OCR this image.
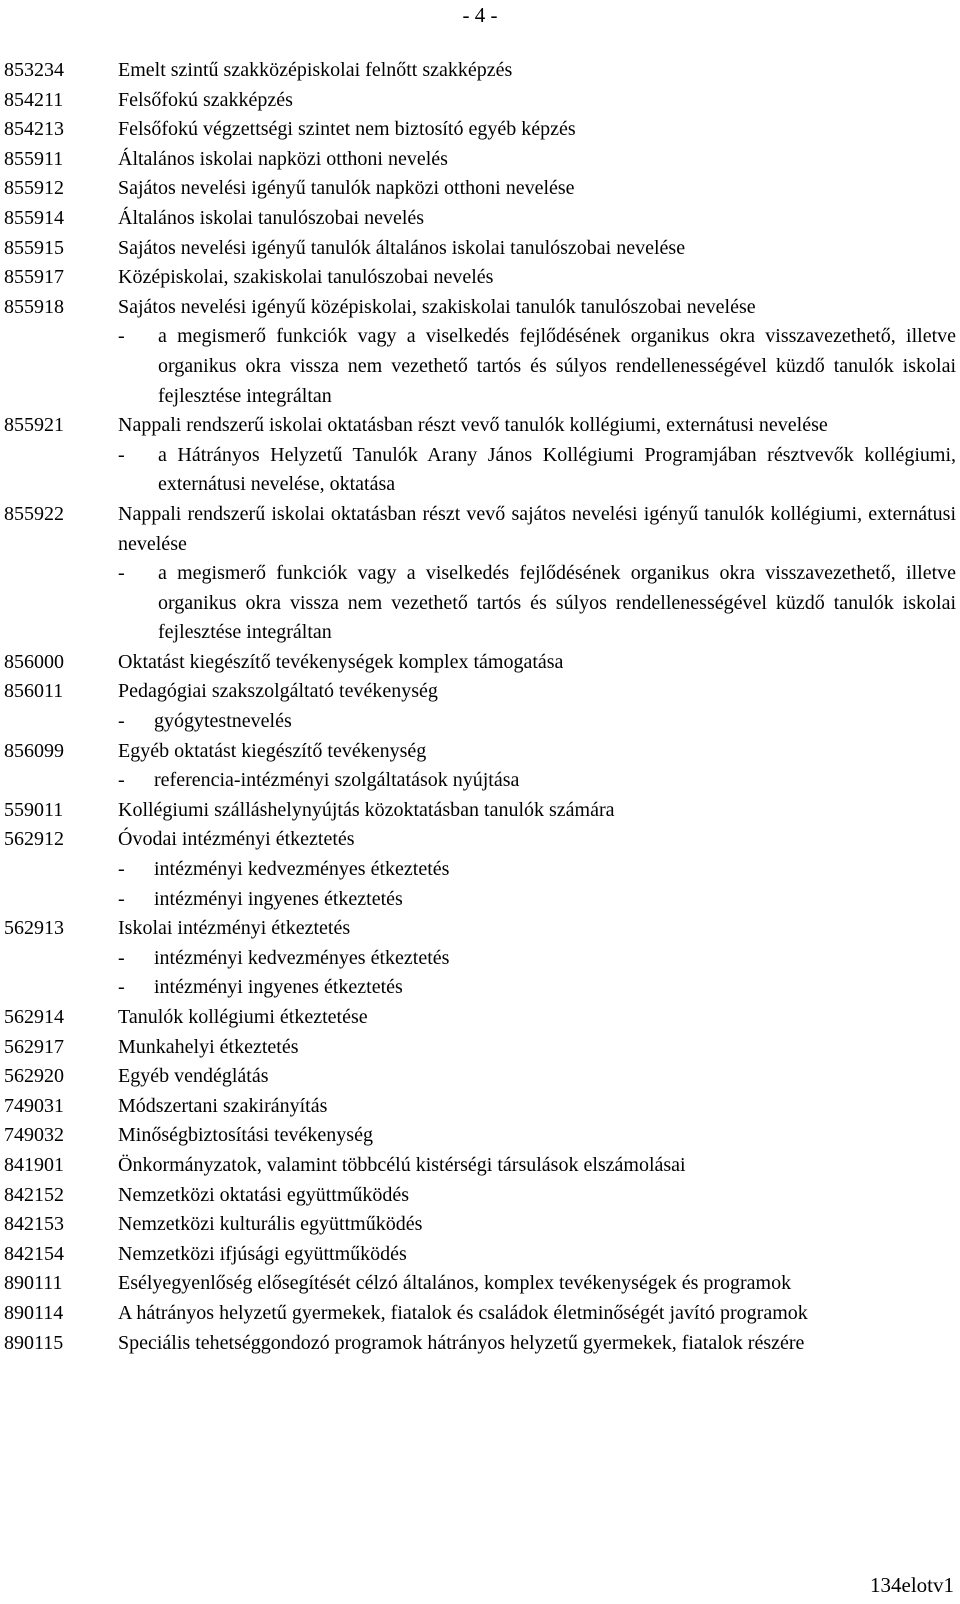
- 4 -
853234	Emelt szintű szakközépiskolai felnőtt szakképzés
854211	Felsőfokú szakképzés
854213	Felsőfokú végzettségi szintet nem biztosító egyéb képzés
855911	Általános iskolai napközi otthoni nevelés
855912	Sajátos nevelési igényű tanulók napközi otthoni nevelése
855914	Általános iskolai tanulószobai nevelés
855915	Sajátos nevelési igényű tanulók általános iskolai tanulószobai nevelése
855917	Középiskolai, szakiskolai tanulószobai nevelés
855918	Sajátos nevelési igényű középiskolai, szakiskolai tanulók tanulószobai nevelése
-	a megismerő funkciók vagy a viselkedés fejlődésének organikus okra visszavezethető, illetve organikus okra vissza nem vezethető tartós és súlyos rendellenességével küzdő tanulók iskolai fejlesztése integráltan
855921	Nappali rendszerű iskolai oktatásban részt vevő tanulók kollégiumi, externátusi nevelése
-	a Hátrányos Helyzetű Tanulók Arany János Kollégiumi Programjában résztvevők kollégiumi, externátusi nevelése, oktatása
855922	Nappali rendszerű iskolai oktatásban részt vevő sajátos nevelési igényű tanulók kollégiumi, externátusi nevelése
-	a megismerő funkciók vagy a viselkedés fejlődésének organikus okra visszavezethető, illetve organikus okra vissza nem vezethető tartós és súlyos rendellenességével küzdő tanulók iskolai fejlesztése integráltan
856000	Oktatást kiegészítő tevékenységek komplex támogatása
856011	Pedagógiai szakszolgáltató tevékenység
-	gyógytestnevelés
856099	Egyéb oktatást kiegészítő tevékenység
-	referencia-intézményi szolgáltatások nyújtása
559011	Kollégiumi szálláshelynyújtás közoktatásban tanulók számára
562912	Óvodai intézményi étkeztetés
-	intézményi kedvezményes étkeztetés
-	intézményi ingyenes étkeztetés
562913	Iskolai intézményi étkeztetés
-	intézményi kedvezményes étkeztetés
-	intézményi ingyenes étkeztetés
562914	Tanulók kollégiumi étkeztetése
562917	Munkahelyi étkeztetés
562920	Egyéb vendéglátás
749031	Módszertani szakirányítás
749032	Minőségbiztosítási tevékenység
841901	Önkormányzatok, valamint többcélú kistérségi társulások elszámolásai
842152	Nemzetközi oktatási együttműködés
842153	Nemzetközi kulturális együttműködés
842154	Nemzetközi ifjúsági együttműködés
890111	Esélyegyenlőség elősegítését célzó általános, komplex tevékenységek és programok
890114	A hátrányos helyzetű gyermekek, fiatalok és családok életminőségét javító programok
890115	Speciális tehetséggondozó programok hátrányos helyzetű gyermekek, fiatalok részére
134elotv1
